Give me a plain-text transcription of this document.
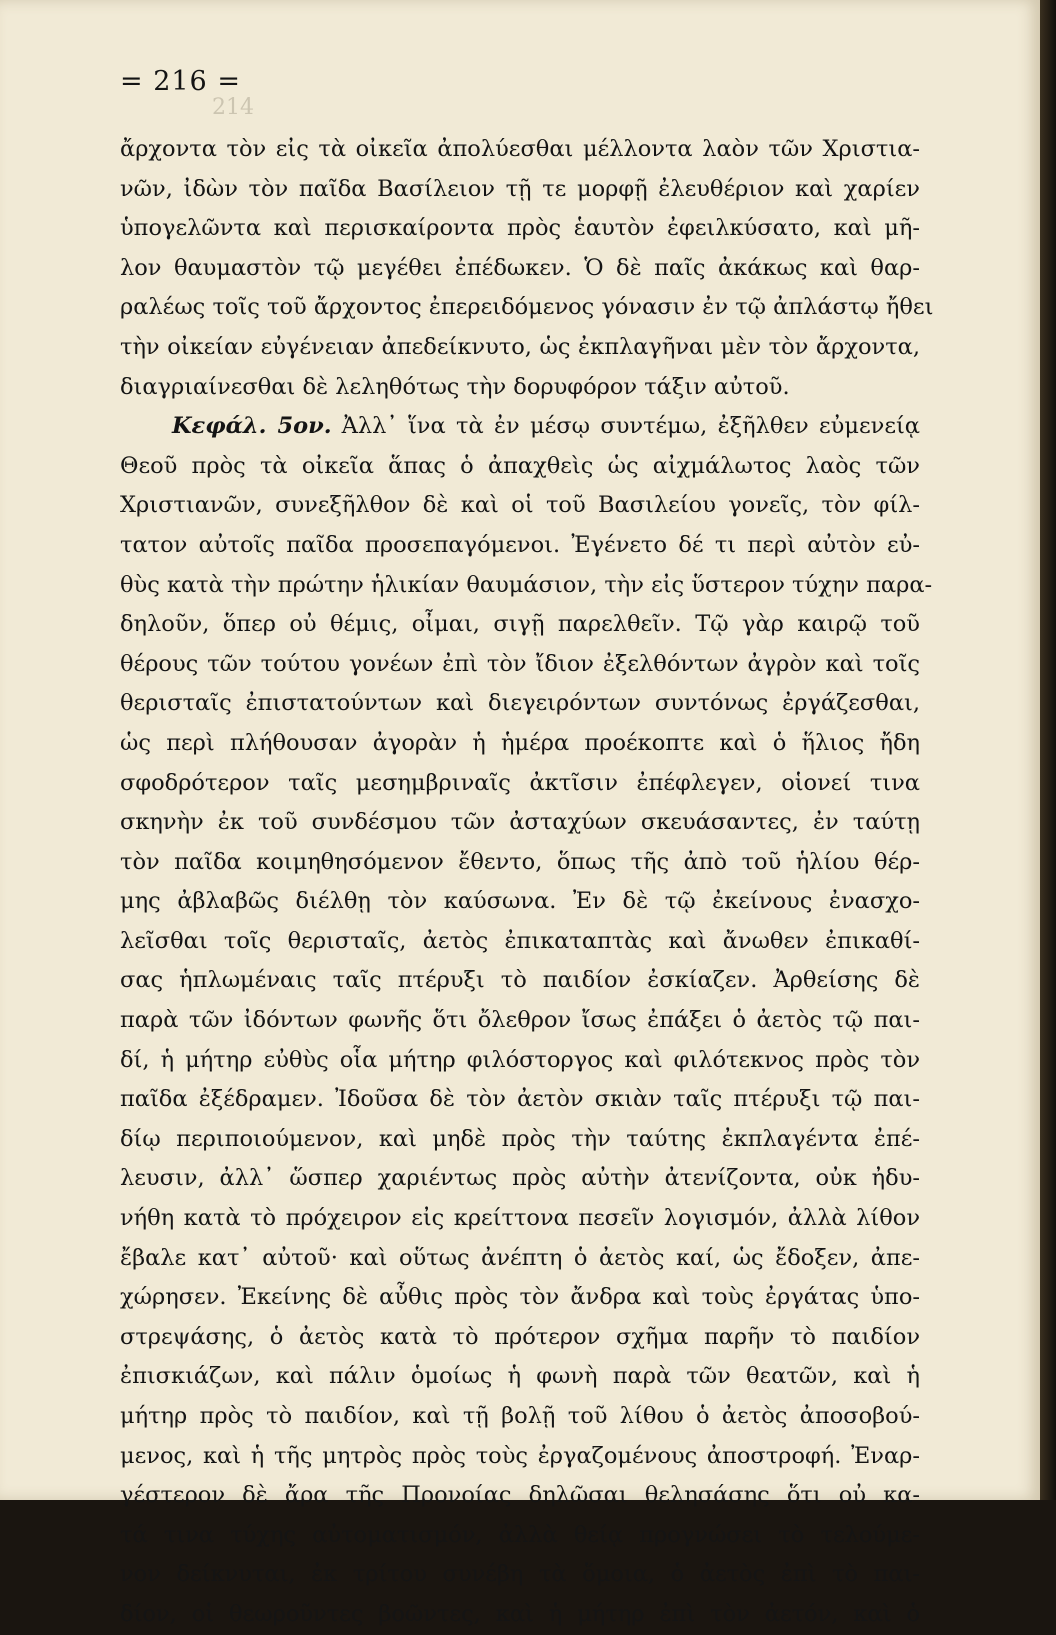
= 216 =
214
ἄρχοντα τὸν εἰς τὰ οἰκεῖα ἀπολύεσθαι μέλλοντα λαὸν τῶν Χριστια-
νῶν, ἰδὼν τὸν παῖδα Βασίλειον τῇ τε μορφῇ ἐλευθέριον καὶ χαρίεν
ὑπογελῶντα καὶ περισκαίροντα πρὸς ἑαυτὸν ἐφειλκύσατο, καὶ μῆ-
λον θαυμαστὸν τῷ μεγέθει ἐπέδωκεν. Ὁ δὲ παῖς ἀκάκως καὶ θαρ-
ραλέως τοῖς τοῦ ἄρχοντος ἐπερειδόμενος γόνασιν ἐν τῷ ἀπλάστῳ ἤθει
τὴν οἰκείαν εὐγένειαν ἀπεδείκνυτο, ὡς ἐκπλαγῆναι μὲν τὸν ἄρχοντα,
διαγριαίνεσθαι δὲ λεληθότως τὴν δορυφόρον τάξιν αὐτοῦ.
Κεφάλ. 5ον. Ἀλλ᾽ ἵνα τὰ ἐν μέσῳ συντέμω, ἐξῆλθεν εὐμενείᾳ
Θεοῦ πρὸς τὰ οἰκεῖα ἅπας ὁ ἀπαχθεὶς ὡς αἰχμάλωτος λαὸς τῶν
Χριστιανῶν, συνεξῆλθον δὲ καὶ οἱ τοῦ Βασιλείου γονεῖς, τὸν φίλ-
τατον αὐτοῖς παῖδα προσεπαγόμενοι. Ἐγένετο δέ τι περὶ αὐτὸν εὐ-
θὺς κατὰ τὴν πρώτην ἡλικίαν θαυμάσιον, τὴν εἰς ὕστερον τύχην παρα-
δηλοῦν, ὅπερ οὐ θέμις, οἶμαι, σιγῇ παρελθεῖν. Τῷ γὰρ καιρῷ τοῦ
θέρους τῶν τούτου γονέων ἐπὶ τὸν ἴδιον ἐξελθόντων ἀγρὸν καὶ τοῖς
θερισταῖς ἐπιστατούντων καὶ διεγειρόντων συντόνως ἐργάζεσθαι,
ὡς περὶ πλήθουσαν ἀγορὰν ἡ ἡμέρα προέκοπτε καὶ ὁ ἥλιος ἤδη
σφοδρότερον ταῖς μεσημβριναῖς ἀκτῖσιν ἐπέφλεγεν, οἱονεί τινα
σκηνὴν ἐκ τοῦ συνδέσμου τῶν ἀσταχύων σκευάσαντες, ἐν ταύτῃ
τὸν παῖδα κοιμηθησόμενον ἔθεντο, ὅπως τῆς ἀπὸ τοῦ ἡλίου θέρ-
μης ἀβλαβῶς διέλθῃ τὸν καύσωνα. Ἐν δὲ τῷ ἐκείνους ἐνασχο-
λεῖσθαι τοῖς θερισταῖς, ἀετὸς ἐπικαταπτὰς καὶ ἄνωθεν ἐπικαθί-
σας ἡπλωμέναις ταῖς πτέρυξι τὸ παιδίον ἐσκίαζεν. Ἀρθείσης δὲ
παρὰ τῶν ἰδόντων φωνῆς ὅτι ὄλεθρον ἴσως ἐπάξει ὁ ἀετὸς τῷ παι-
δί, ἡ μήτηρ εὐθὺς οἷα μήτηρ φιλόστοργος καὶ φιλότεκνος πρὸς τὸν
παῖδα ἐξέδραμεν. Ἰδοῦσα δὲ τὸν ἀετὸν σκιὰν ταῖς πτέρυξι τῷ παι-
δίῳ περιποιούμενον, καὶ μηδὲ πρὸς τὴν ταύτης ἐκπλαγέντα ἐπέ-
λευσιν, ἀλλ᾽ ὥσπερ χαριέντως πρὸς αὐτὴν ἀτενίζοντα, οὐκ ἠδυ-
νήθη κατὰ τὸ πρόχειρον εἰς κρείττονα πεσεῖν λογισμόν, ἀλλὰ λίθον
ἔβαλε κατ᾽ αὐτοῦ· καὶ οὕτως ἀνέπτη ὁ ἀετὸς καί, ὡς ἔδοξεν, ἀπε-
χώρησεν. Ἐκείνης δὲ αὖθις πρὸς τὸν ἄνδρα καὶ τοὺς ἐργάτας ὑπο-
στρεψάσης, ὁ ἀετὸς κατὰ τὸ πρότερον σχῆμα παρῆν τὸ παιδίον
ἐπισκιάζων, καὶ πάλιν ὁμοίως ἡ φωνὴ παρὰ τῶν θεατῶν, καὶ ἡ
μήτηρ πρὸς τὸ παιδίον, καὶ τῇ βολῇ τοῦ λίθου ὁ ἀετὸς ἀποσοβού-
μενος, καὶ ἡ τῆς μητρὸς πρὸς τοὺς ἐργαζομένους ἀποστροφή. Ἐναρ-
γέστερον δὲ ἄρα τῆς Προνοίας δηλῶσαι θελησάσης ὅτι οὐ κα-
τά τινα τύχης αὐτοματισμόν, ἀλλὰ θείᾳ προγνώσει τὸ τελούμε-
νον δείκνυται, ἐκ τρίτου συνέβη τὰ ὅμοια, ὁ ἀετὸς ἐπὶ τὸ παι-
δίον, οἱ θεωροῦντες βοῶντες, καὶ ἡ μήτηρ ἐπὶ τὸν ἀετόν, καὶ ὁ
